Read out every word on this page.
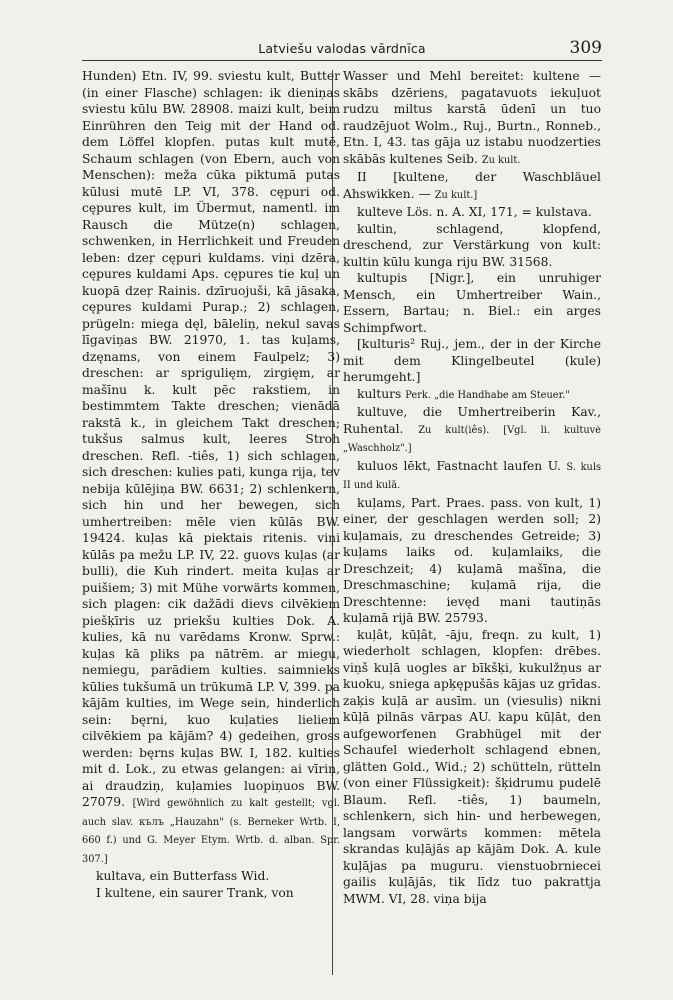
Latviešu valodas vārdnīca	309

Hunden) Etn. IV, 99. sviestu kult, Butter (in einer Flasche) schlagen: ik dieniņas sviestu kūlu BW. 28908. maizi kult, beim Einrühren den Teig mit der Hand od. dem Löffel klopfen. putas kult mutē, Schaum schlagen (von Ebern, auch von Menschen): meža cūka piktumā putas kūlusi mutē LP. VI, 378. cępuri od. cępures kult, im Übermut, namentl. im Rausch die Mütze(n) schlagen, schwenken, in Herrlichkeit und Freuden leben: dzeŗ cępuri kuldams. viņi dzēra, cępures kuldami Aps. cępures tie kuļ un kuopā dzeŗ Rainis. dzīruojuši, kā jāsaka, cępures kuldami Purap.; 2) schlagen, prügeln: miega dęl, bāleliņ, nekul savas līgaviņas BW. 21970, 1. tas kuļams, dzęnams, von einem Faulpelz; 3) dreschen: ar sprigulięm, zirgięm, ar mašīnu k. kult pēc rakstiem, in bestimmtem Takte dreschen; vienādā rakstā k., in gleichem Takt dreschen; tukšus salmus kult, leeres Stroh dreschen. Refl. -tiês, 1) sich schlagen, sich dreschen: kulies pati, kunga rija, tev nebija kūlējiņa BW. 6631; 2) schlenkern, sich hin und her bewegen, sich umhertreiben: mēle vien kūlās BW. 19424. kuļas kā piektais ritenis. viņi kūlās pa mežu LP. IV, 22. guovs kuļas (ar bulli), die Kuh rindert. meita kuļas ar puišiem; 3) mit Mühe vorwärts kommen, sich plagen: cik dažādi dievs cilvēkiem piešķīris uz priekšu kulties Dok. A. kulies, kā nu varēdams Kronw. Sprw.: kuļas kā pliks pa nātrēm. ar miegu, nemiegu, parādiem kulties. saimnieks kūlies tukšumā un trūkumā LP. V, 399. pa kājām kulties, im Wege sein, hinderlich sein: bęrni, kuo kuļaties lieliem cilvēkiem pa kājām? 4) gedeihen, gross werden: bęrns kuļas BW. I, 182. kulties mit d. Lok., zu etwas gelangen: ai vīriņ, ai draudziņ, kuļamies luopiņuos BW. 27079. [Wird gewöhnlich zu kalt gestellt; vgl. auch slav. кълъ „Hauzahn" (s. Berneker Wrtb. I, 660 f.) und G. Meyer Etym. Wrtb. d. alban. Spr. 307.]

kultava, ein Butterfass Wid.

I kultene, ein saurer Trank, von

Wasser und Mehl bereitet: kultene — skābs dzēriens, pagatavuots iekuļuot rudzu miltus karstā ūdenī un tuo raudzējuot Wolm., Ruj., Burtn., Ronneb., Etn. I, 43. tas gāja uz istabu nuodzerties skābās kultenes Seib. Zu kult.

II [kultene, der Waschbläuel Ahswikken. — Zu kult.]

kulteve Lös. n. A. XI, 171, = kulstava.

kultin, schlagend, klopfend, dreschend, zur Verstärkung von kult: kultin kūlu kunga riju BW. 31568.

kultupis [Nigr.], ein unruhiger Mensch, ein Umhertreiber Wain., Essern, Bartau; n. Biel.: ein arges Schimpfwort.

[kulturis² Ruj., jem., der in der Kirche mit dem Klingelbeutel (kule) herumgeht.]

kulturs Perk. „die Handhabe am Steuer."

kultuve, die Umhertreiberin Kav., Ruhental. Zu kult(iês). [Vgl. li. kultuvė „Waschholz".]

kuluos lēkt, Fastnacht laufen U. S. kuls II und kulā.

kuļams, Part. Praes. pass. von kult, 1) einer, der geschlagen werden soll; 2) kuļamais, zu dreschendes Getreide; 3) kuļams laiks od. kuļamlaiks, die Dreschzeit; 4) kuļamā mašīna, die Dreschmaschine; kuļamā rija, die Dreschtenne: ievęd mani tautiņās kuļamā rijā BW. 25793.

kuļât, kūļât, -āju, freqn. zu kult, 1) wiederholt schlagen, klopfen: drēbes. viņš kuļā uogles ar bīkšķi, kukulžņus ar kuoku, sniega apķępušās kājas uz grīdas. zaķis kuļā ar ausīm. un (viesulis) nikni kūļā pilnās vārpas AU. kapu kūļāt, den aufgeworfenen Grabhügel mit der Schaufel wiederholt schlagend ebnen, glätten Gold., Wid.; 2) schütteln, rütteln (von einer Flüssigkeit): šķidrumu pudelē Blaum. Refl. -tiês, 1) baumeln, schlenkern, sich hin- und herbewegen, langsam vorwärts kommen: mētela skrandas kuļājās ap kājām Dok. A. kule kuļājas pa muguru. vienstuobrniecei gailis kuļājās, tik līdz tuo pakrattja MWM. VI, 28. viņa bija
